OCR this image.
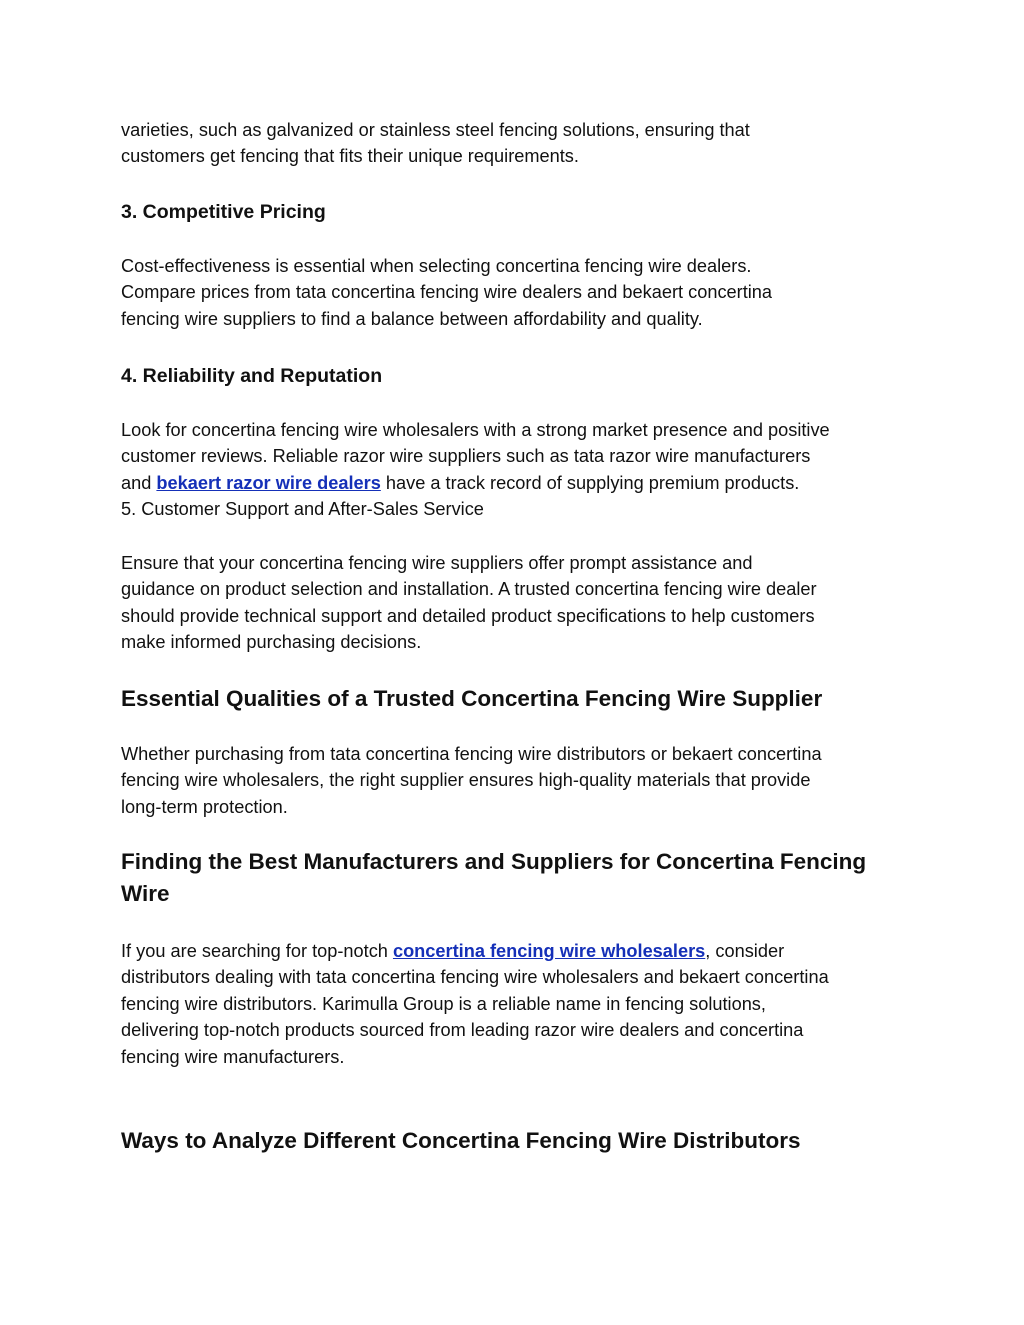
varieties, such as galvanized or stainless steel fencing solutions, ensuring that
customers get fencing that fits their unique requirements.

3. Competitive Pricing

Cost-effectiveness is essential when selecting concertina fencing wire dealers.
Compare prices from tata concertina fencing wire dealers and bekaert concertina
fencing wire suppliers to find a balance between affordability and quality.

4. Reliability and Reputation

Look for concertina fencing wire wholesalers with a strong market presence and positive
customer reviews. Reliable razor wire suppliers such as tata razor wire manufacturers
and bekaert razor wire dealers have a track record of supplying premium products.
5. Customer Support and After-Sales Service

Ensure that your concertina fencing wire suppliers offer prompt assistance and
guidance on product selection and installation. A trusted concertina fencing wire dealer
should provide technical support and detailed product specifications to help customers
make informed purchasing decisions.

Essential Qualities of a Trusted Concertina Fencing Wire Supplier

Whether purchasing from tata concertina fencing wire distributors or bekaert concertina
fencing wire wholesalers, the right supplier ensures high-quality materials that provide
long-term protection.

Finding the Best Manufacturers and Suppliers for Concertina Fencing
Wire

If you are searching for top-notch concertina fencing wire wholesalers, consider
distributors dealing with tata concertina fencing wire wholesalers and bekaert concertina
fencing wire distributors. Karimulla Group is a reliable name in fencing solutions,
delivering top-notch products sourced from leading razor wire dealers and concertina
fencing wire manufacturers.

Ways to Analyze Different Concertina Fencing Wire Distributors
